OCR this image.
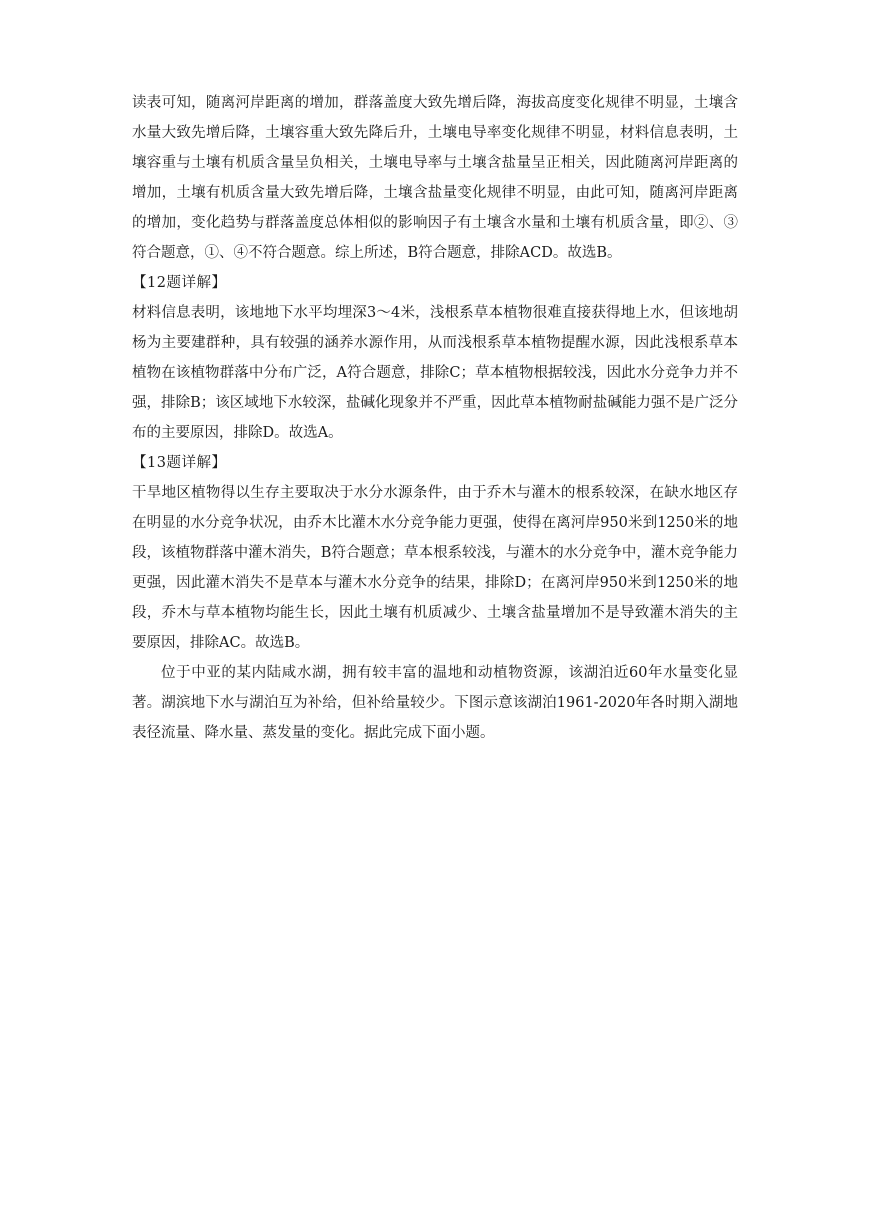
读表可知，随离河岸距离的增加，群落盖度大致先增后降，海拔高度变化规律不明显，土壤含水量大致先增后降，土壤容重大致先降后升，土壤电导率变化规律不明显，材料信息表明，土壤容重与土壤有机质含量呈负相关，土壤电导率与土壤含盐量呈正相关，因此随离河岸距离的增加，土壤有机质含量大致先增后降，土壤含盐量变化规律不明显，由此可知，随离河岸距离的增加，变化趋势与群落盖度总体相似的影响因子有土壤含水量和土壤有机质含量，即②、③符合题意，①、④不符合题意。综上所述，B符合题意，排除ACD。故选B。

【12题详解】

材料信息表明，该地地下水平均埋深3～4米，浅根系草本植物很难直接获得地上水，但该地胡杨为主要建群种，具有较强的涵养水源作用，从而浅根系草本植物提醒水源，因此浅根系草本植物在该植物群落中分布广泛，A符合题意，排除C；草本植物根据较浅，因此水分竞争力并不强，排除B；该区域地下水较深，盐碱化现象并不严重，因此草本植物耐盐碱能力强不是广泛分布的主要原因，排除D。故选A。

【13题详解】

干旱地区植物得以生存主要取决于水分水源条件，由于乔木与灌木的根系较深，在缺水地区存在明显的水分竞争状况，由乔木比灌木水分竞争能力更强，使得在离河岸950米到1250米的地段，该植物群落中灌木消失，B符合题意；草本根系较浅，与灌木的水分竞争中，灌木竞争能力更强，因此灌木消失不是草本与灌木水分竞争的结果，排除D；在离河岸950米到1250米的地段，乔木与草本植物均能生长，因此土壤有机质减少、土壤含盐量增加不是导致灌木消失的主要原因，排除AC。故选B。

位于中亚的某内陆咸水湖，拥有较丰富的温地和动植物资源，该湖泊近60年水量变化显著。湖滨地下水与湖泊互为补给，但补给量较少。下图示意该湖泊1961-2020年各时期入湖地表径流量、降水量、蒸发量的变化。据此完成下面小题。
